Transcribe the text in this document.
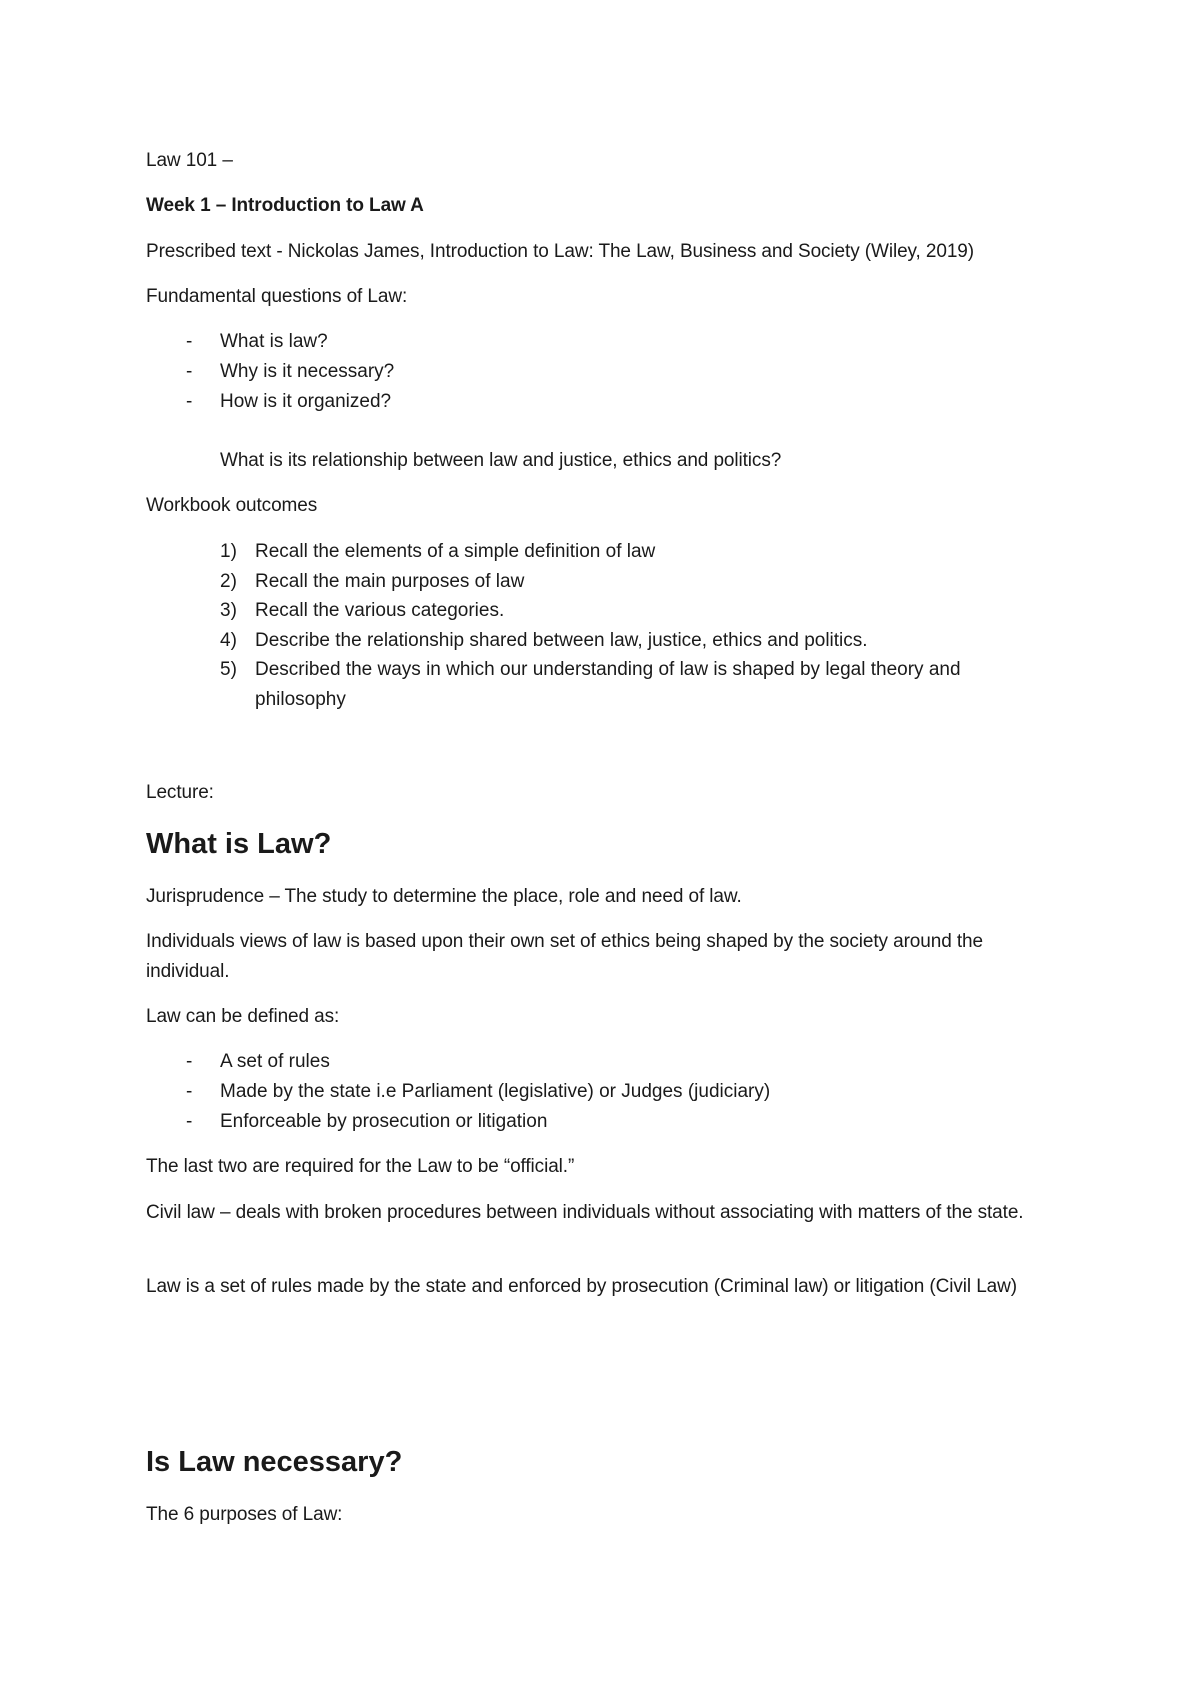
Law 101 –
Week 1 – Introduction to Law A
Prescribed text - Nickolas James, Introduction to Law: The Law, Business and Society (Wiley, 2019)
Fundamental questions of Law:
- What is law?
- Why is it necessary?
- How is it organized?
What is its relationship between law and justice, ethics and politics?
Workbook outcomes
1) Recall the elements of a simple definition of law
2) Recall the main purposes of law
3) Recall the various categories.
4) Describe the relationship shared between law, justice, ethics and politics.
5) Described the ways in which our understanding of law is shaped by legal theory and philosophy
Lecture:
What is Law?
Jurisprudence – The study to determine the place, role and need of law.
Individuals views of law is based upon their own set of ethics being shaped by the society around the individual.
Law can be defined as:
- A set of rules
- Made by the state i.e Parliament (legislative) or Judges (judiciary)
- Enforceable by prosecution or litigation
The last two are required for the Law to be “official.”
Civil law – deals with broken procedures between individuals without associating with matters of the state.
Law is a set of rules made by the state and enforced by prosecution (Criminal law) or litigation (Civil Law)
Is Law necessary?
The 6 purposes of Law:
